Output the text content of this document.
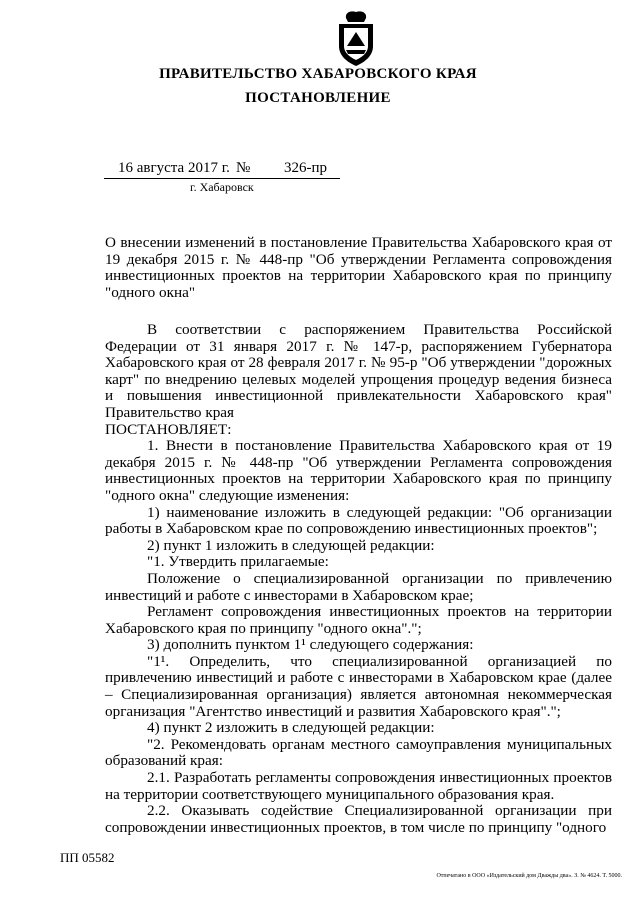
ПРАВИТЕЛЬСТВО ХАБАРОВСКОГО КРАЯ
ПОСТАНОВЛЕНИЕ
16 августа 2017 г. № 326-пр
г. Хабаровск

О внесении изменений в постановление Правительства Хабаровского края от 19 декабря 2015 г. № 448-пр "Об утверждении Регламента сопровождения инвестиционных проектов на территории Хабаровского края по принципу "одного окна"

В соответствии с распоряжением Правительства Российской Федерации от 31 января 2017 г. № 147-р, распоряжением Губернатора Хабаровского края от 28 февраля 2017 г. № 95-р "Об утверждении "дорожных карт" по внедрению целевых моделей упрощения процедур ведения бизнеса и повышения инвестиционной привлекательности Хабаровского края" Правительство края

ПОСТАНОВЛЯЕТ:

1. Внести в постановление Правительства Хабаровского края от 19 декабря 2015 г. № 448-пр "Об утверждении Регламента сопровождения инвестиционных проектов на территории Хабаровского края по принципу "одного окна" следующие изменения:

1) наименование изложить в следующей редакции: "Об организации работы в Хабаровском крае по сопровождению инвестиционных проектов";

2) пункт 1 изложить в следующей редакции:

"1. Утвердить прилагаемые:

Положение о специализированной организации по привлечению инвестиций и работе с инвесторами в Хабаровском крае;

Регламент сопровождения инвестиционных проектов на территории Хабаровского края по принципу "одного окна".";

3) дополнить пунктом 1¹ следующего содержания:

"1¹. Определить, что специализированной организацией по привлечению инвестиций и работе с инвесторами в Хабаровском крае (далее – Специализированная организация) является автономная некоммерческая организация "Агентство инвестиций и развития Хабаровского края".";

4) пункт 2 изложить в следующей редакции:

"2. Рекомендовать органам местного самоуправления муниципальных образований края:

2.1. Разработать регламенты сопровождения инвестиционных проектов на территории соответствующего муниципального образования края.

2.2. Оказывать содействие Специализированной организации при сопровождении инвестиционных проектов, в том числе по принципу "одного

ПП 05582
Отпечатано в ООО «Издательский дом Дважды два». З. № 4624. Т. 5000.
